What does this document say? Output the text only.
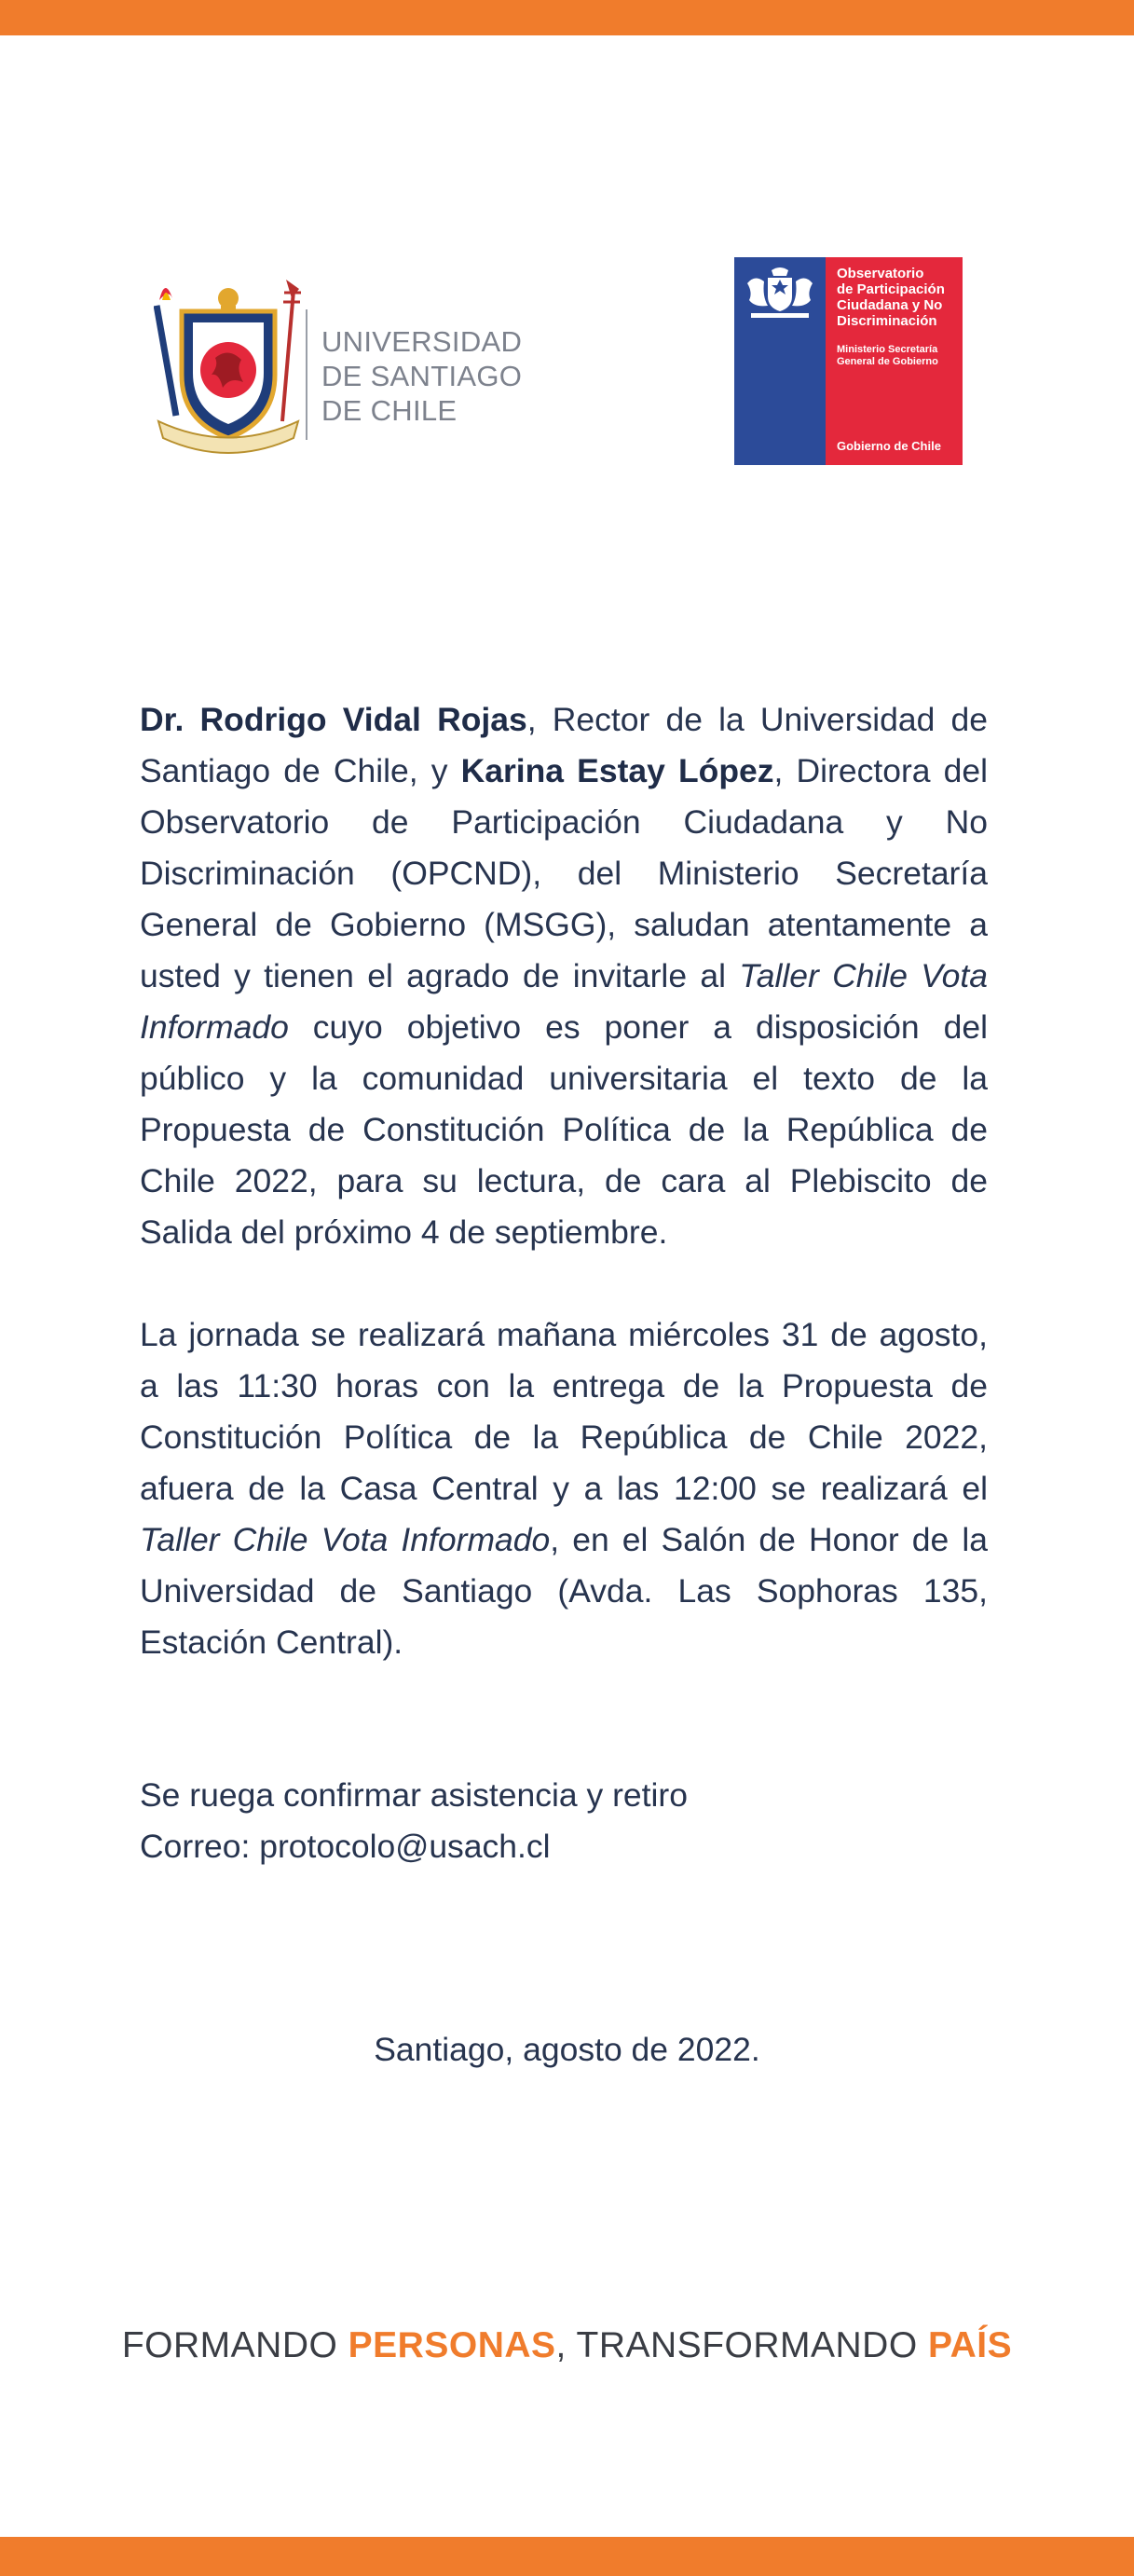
UNIVERSIDAD
DE SANTIAGO
DE CHILE
Observatorio
de Participación
Ciudadana y No
Discriminación
Ministerio Secretaría
General de Gobierno
Gobierno de Chile
Dr. Rodrigo Vidal Rojas, Rector de la Universidad de Santiago de Chile, y Karina Estay López, Directora del Observatorio de Participación Ciudadana y No Discriminación (OPCND), del Ministerio Secretaría General de Gobierno (MSGG), saludan atentamente a usted y tienen el agrado de invitarle al Taller Chile Vota Informado cuyo objetivo es poner a disposición del público y la comunidad universitaria el texto de la Propuesta de Constitución Política de la República de Chile 2022, para su lectura, de cara al Plebiscito de Salida del próximo 4 de septiembre.
La jornada se realizará mañana miércoles 31 de agosto, a las 11:30 horas con la entrega de la Propuesta de Constitución Política de la República de Chile 2022, afuera de la Casa Central y a las 12:00 se realizará el Taller Chile Vota Informado, en el Salón de Honor de la Universidad de Santiago (Avda. Las Sophoras 135, Estación Central).
Se ruega confirmar asistencia y retiro
Correo: protocolo@usach.cl
Santiago, agosto de 2022.
FORMANDO PERSONAS, TRANSFORMANDO PAÍS
